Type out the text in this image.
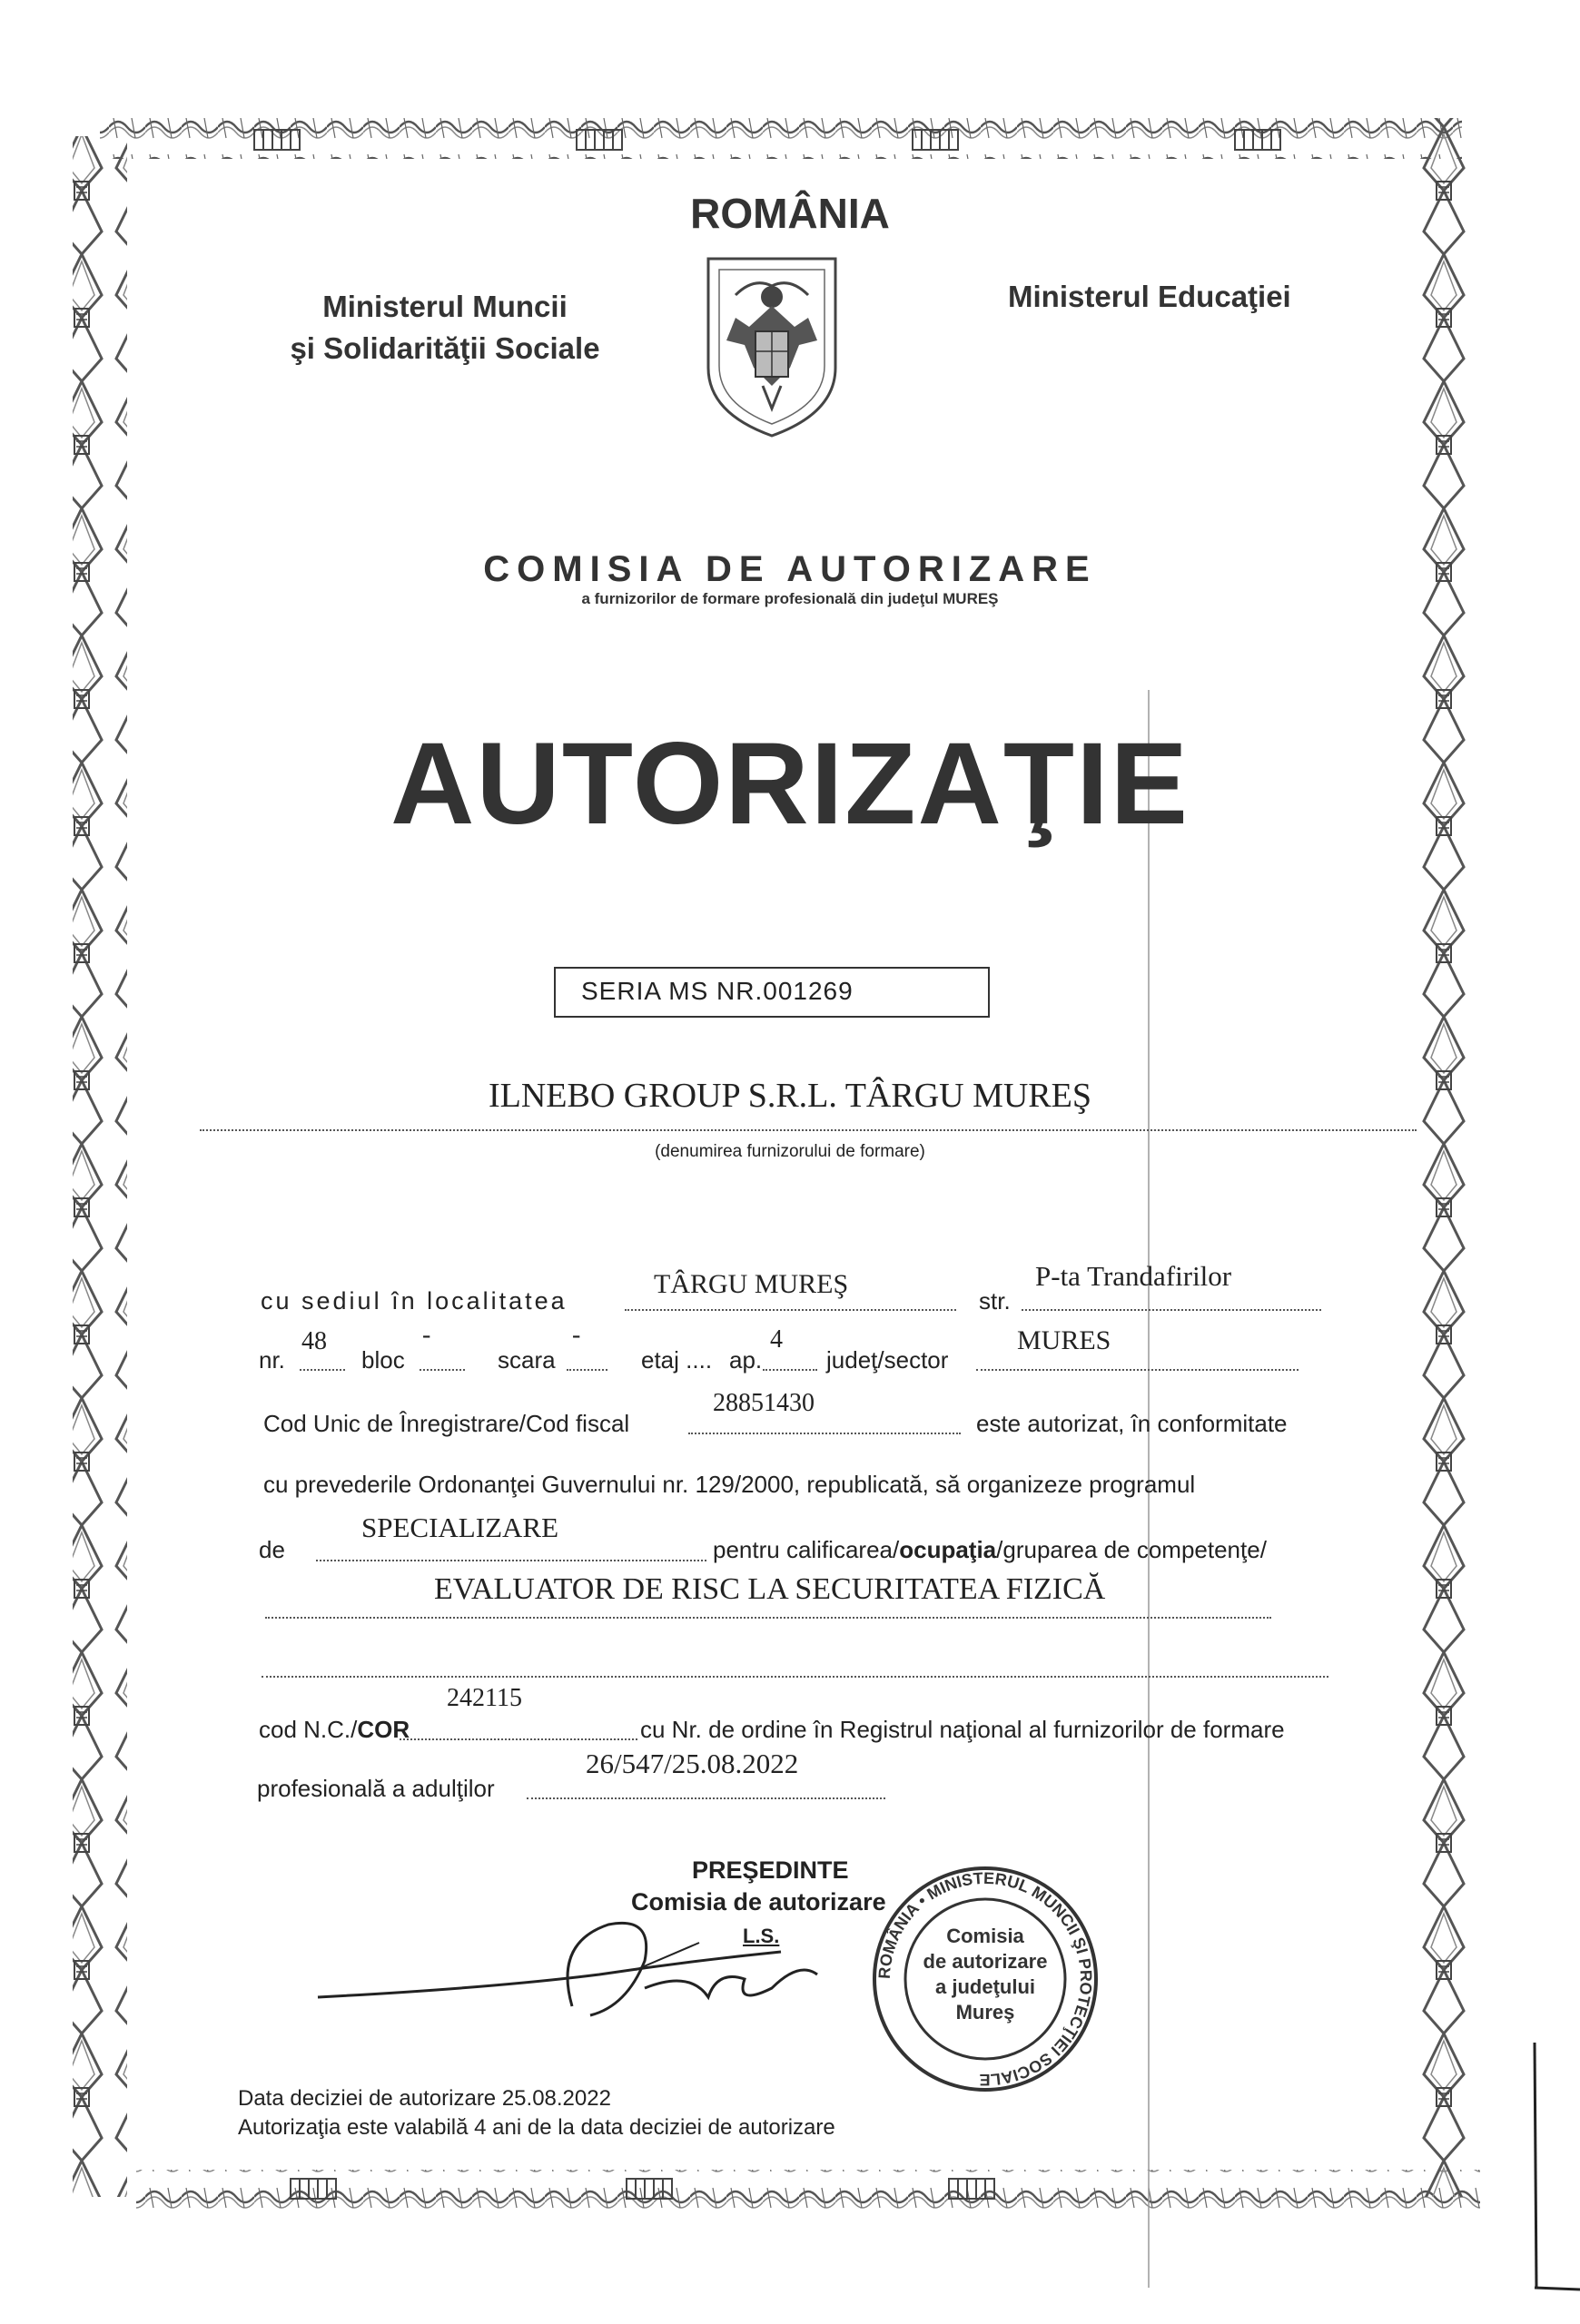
ROMÂNIA
Ministerul Muncii
şi Solidarităţii Sociale
Ministerul Educaţiei
COMISIA DE AUTORIZARE
a furnizorilor de formare profesională din judeţul MUREŞ
AUTORIZAŢIE
SERIA MS NR.001269
ILNEBO GROUP S.R.L. TÂRGU MUREŞ
(denumirea furnizorului de formare)
cu sediul în localitatea
TÂRGU MUREŞ
str.
P-ta Trandafirilor
nr.
48
bloc
-
scara
-
etaj .... ap.
4
judeţ/sector
MURES
Cod Unic de Înregistrare/Cod fiscal
28851430
este autorizat, în conformitate
cu prevederile Ordonanţei Guvernului nr. 129/2000, republicată, să organizeze programul
de
SPECIALIZARE
pentru calificarea/ocupaţia/gruparea de competenţe/
EVALUATOR DE RISC LA SECURITATEA FIZICĂ
cod N.C./COR
242115
cu Nr. de ordine în Registrul naţional al furnizorilor de formare
profesională a adulţilor
26/547/25.08.2022
PREŞEDINTE
Comisia de autorizare
L.S.
ROMÂNIA • MINISTERUL MUNCII ŞI PROTECŢIEI SOCIALE
Comisia
de autorizare
a judeţului
Mureş
Data deciziei de autorizare 25.08.2022
Autorizaţia este valabilă 4 ani de la data deciziei de autorizare
